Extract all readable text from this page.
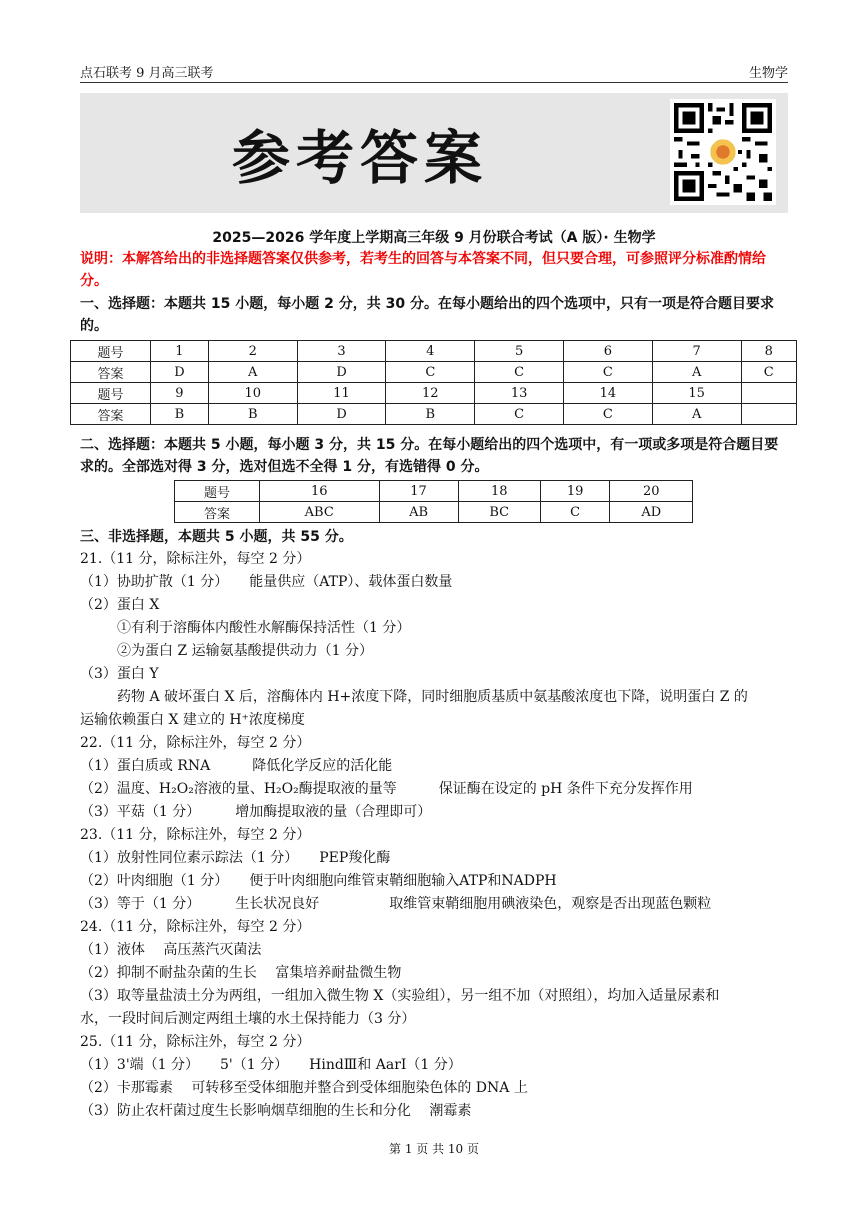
点石联考 9 月高三联考	生物学
参考答案
2025—2026 学年度上学期高三年级 9 月份联合考试（A 版）· 生物学
说明：本解答给出的非选择题答案仅供参考，若考生的回答与本答案不同，但只要合理，可参照评分标准酌情给分。
一、选择题：本题共 15 小题，每小题 2 分，共 30 分。在每小题给出的四个选项中，只有一项是符合题目要求的。
题号	1	2	3	4	5	6	7	8
答案	D	A	D	C	C	C	A	C
题号	9	10	11	12	13	14	15	
答案	B	B	D	B	C	C	A	
二、选择题：本题共 5 小题，每小题 3 分，共 15 分。在每小题给出的四个选项中，有一项或多项是符合题目要求的。全部选对得 3 分，选对但选不全得 1 分，有选错得 0 分。
题号	16	17	18	19	20
答案	ABC	AB	BC	C	AD
三、非选择题，本题共 5 小题，共 55 分。
21.（11 分，除标注外，每空 2 分）
（1）协助扩散（1 分）　　能量供应（ATP）、载体蛋白数量
（2）蛋白 X
①有利于溶酶体内酸性水解酶保持活性（1 分）
②为蛋白 Z 运输氨基酸提供动力（1 分）
（3）蛋白 Y
药物 A 破坏蛋白 X 后，溶酶体内 H+浓度下降，同时细胞质基质中氨基酸浓度也下降，说明蛋白 Z 的
运输依赖蛋白 X 建立的 H⁺浓度梯度
22.（11 分，除标注外，每空 2 分）
（1）蛋白质或 RNA　　　降低化学反应的活化能
（2）温度、H₂O₂溶液的量、H₂O₂酶提取液的量等　　　保证酶在设定的 pH 条件下充分发挥作用
（3）平菇（1 分）　　　增加酶提取液的量（合理即可）
23.（11 分，除标注外，每空 2 分）
（1）放射性同位素示踪法（1 分）　　PEP羧化酶
（2）叶肉细胞（1 分）　　便于叶肉细胞向维管束鞘细胞输入ATP和NADPH
（3）等于（1 分）　　　生长状况良好　　　　　取维管束鞘细胞用碘液染色，观察是否出现蓝色颗粒
24.（11 分，除标注外，每空 2 分）
（1）液体　 高压蒸汽灭菌法
（2）抑制不耐盐杂菌的生长　 富集培养耐盐微生物
（3）取等量盐渍土分为两组，一组加入微生物 X（实验组），另一组不加（对照组），均加入适量尿素和
水，一段时间后测定两组土壤的水土保持能力（3 分）
25.（11 分，除标注外，每空 2 分）
（1）3'端（1 分）　　5'（1 分）　　HindⅢ和 AarⅠ（1 分）
（2）卡那霉素　 可转移至受体细胞并整合到受体细胞染色体的 DNA 上
（3）防止农杆菌过度生长影响烟草细胞的生长和分化　 潮霉素
第 1 页 共 10 页
